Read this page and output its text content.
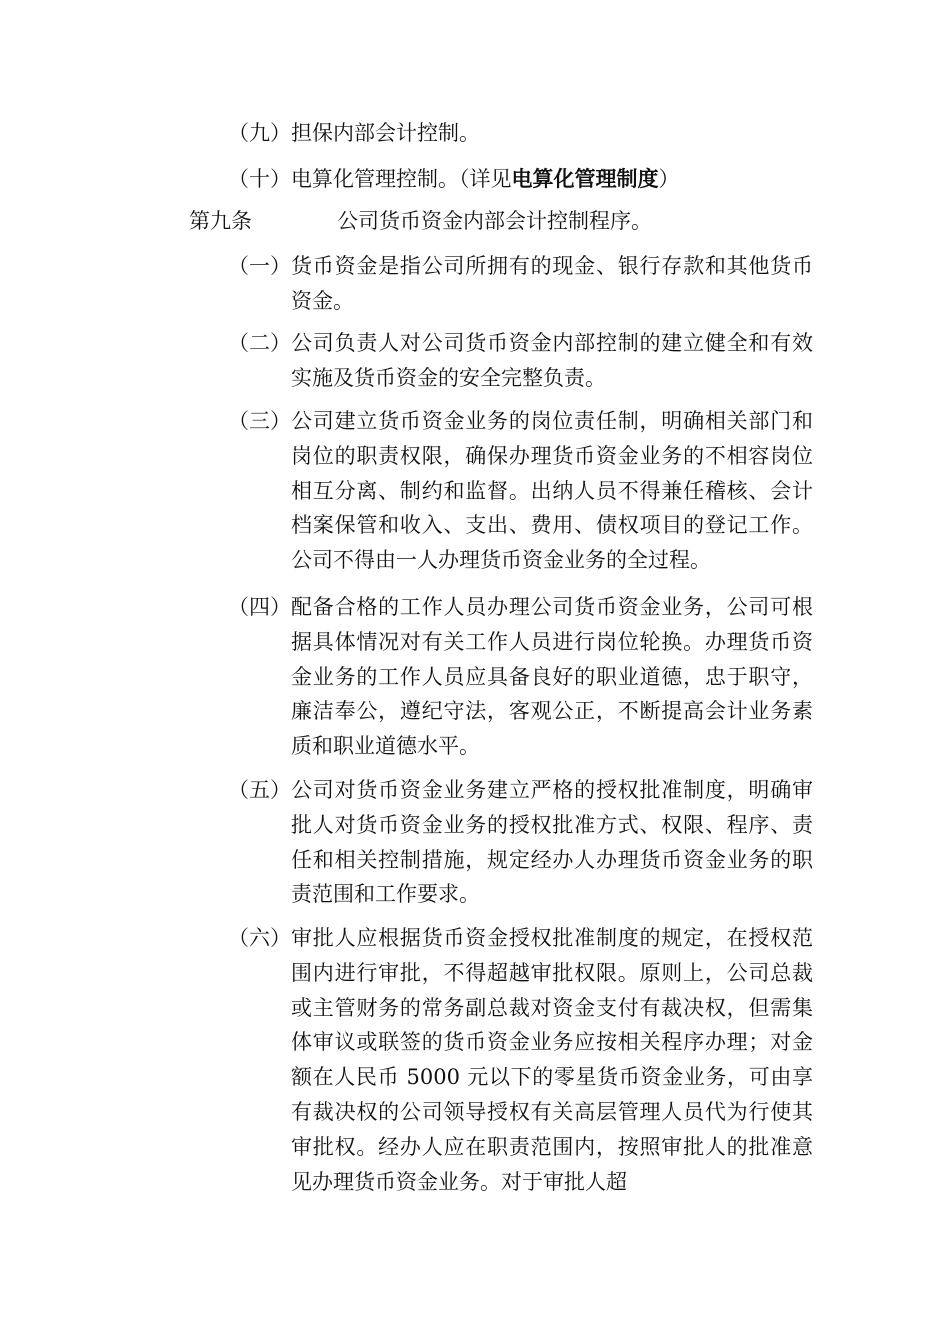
（九）担保内部会计控制。
（十）电算化管理控制。（详见电算化管理制度）
第九条	公司货币资金内部会计控制程序。
（一） 货币资金是指公司所拥有的现金、银行存款和其他货币资金。
（二） 公司负责人对公司货币资金内部控制的建立健全和有效实施及货币资金的安全完整负责。
（三） 公司建立货币资金业务的岗位责任制，明确相关部门和岗位的职责权限，确保办理货币资金业务的不相容岗位相互分离、制约和监督。出纳人员不得兼任稽核、会计档案保管和收入、支出、费用、债权项目的登记工作。公司不得由一人办理货币资金业务的全过程。
（四） 配备合格的工作人员办理公司货币资金业务，公司可根据具体情况对有关工作人员进行岗位轮换。办理货币资金业务的工作人员应具备良好的职业道德，忠于职守，廉洁奉公，遵纪守法，客观公正，不断提高会计业务素质和职业道德水平。
（五） 公司对货币资金业务建立严格的授权批准制度，明确审批人对货币资金业务的授权批准方式、权限、程序、责任和相关控制措施，规定经办人办理货币资金业务的职责范围和工作要求。
（六） 审批人应根据货币资金授权批准制度的规定，在授权范围内进行审批，不得超越审批权限。原则上，公司总裁或主管财务的常务副总裁对资金支付有裁决权，但需集体审议或联签的货币资金业务应按相关程序办理；对金额在人民币 5000 元以下的零星货币资金业务，可由享有裁决权的公司领导授权有关高层管理人员代为行使其审批权。经办人应在职责范围内，按照审批人的批准意见办理货币资金业务。对于审批人超
